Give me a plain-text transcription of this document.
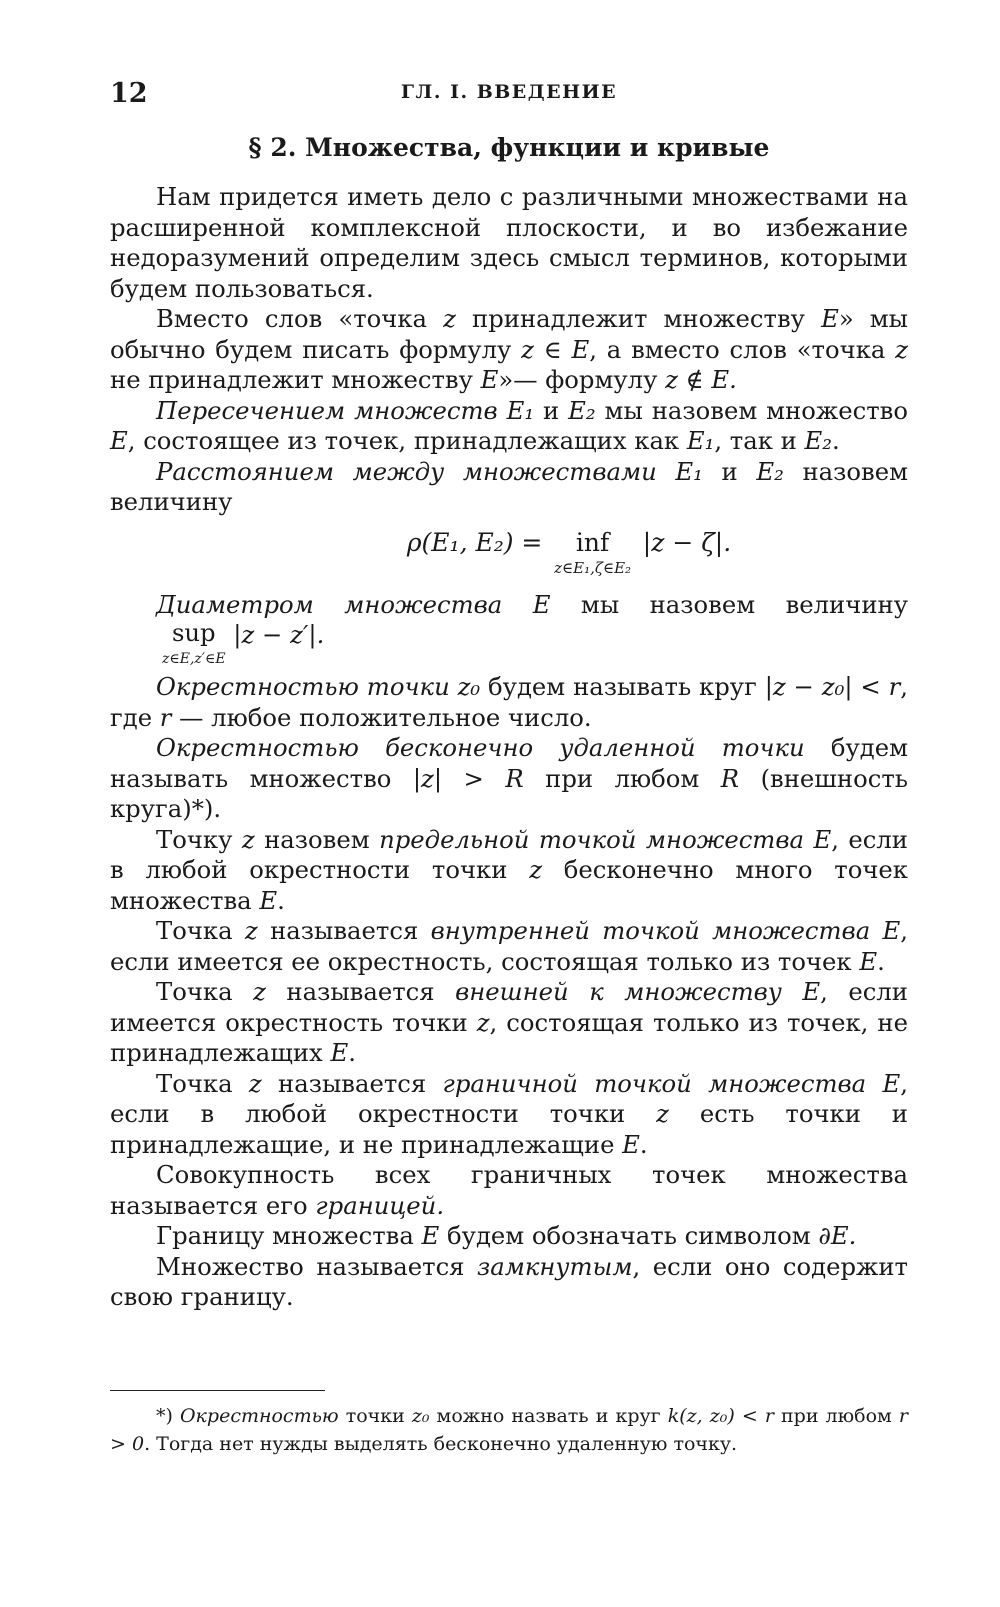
12	ГЛ. I. ВВЕДЕНИЕ
§ 2. Множества, функции и кривые

Нам придется иметь дело с различными множествами на расширенной комплексной плоскости, и во избежание недоразумений определим здесь смысл терминов, которыми будем пользоваться.

Вместо слов «точка z принадлежит множеству E» мы обычно будем писать формулу z ∈ E, а вместо слов «точка z не принадлежит множеству E»— формулу z ∉ E.

Пересечением множеств E₁ и E₂ мы назовем множество E, состоящее из точек, принадлежащих как E₁, так и E₂.

Расстоянием между множествами E₁ и E₂ назовем величину

ρ(E₁, E₂) = inf
z∈E₁,ζ∈E₂
|z − ζ|.

Диаметром множества E мы назовем величину sup
z∈E,z′∈E
|z − z′|.

Окрестностью точки z₀ будем называть круг |z − z₀| < r, где r — любое положительное число.

Окрестностью бесконечно удаленной точки будем называть множество |z| > R при любом R (внешность круга)*).

Точку z назовем предельной точкой множества E, если в любой окрестности точки z бесконечно много точек множества E.

Точка z называется внутренней точкой множества E, если имеется ее окрестность, состоящая только из точек E.

Точка z называется внешней к множеству E, если имеется окрестность точки z, состоящая только из точек, не принадлежащих E.

Точка z называется граничной точкой множества E, если в любой окрестности точки z есть точки и принадлежащие, и не принадлежащие E.

Совокупность всех граничных точек множества называется его границей.

Границу множества E будем обозначать символом ∂E.

Множество называется замкнутым, если оно содержит свою границу.

*) Окрестностью точки z₀ можно назвать и круг k(z, z₀) < r при любом r > 0. Тогда нет нужды выделять бесконечно удаленную точку.
